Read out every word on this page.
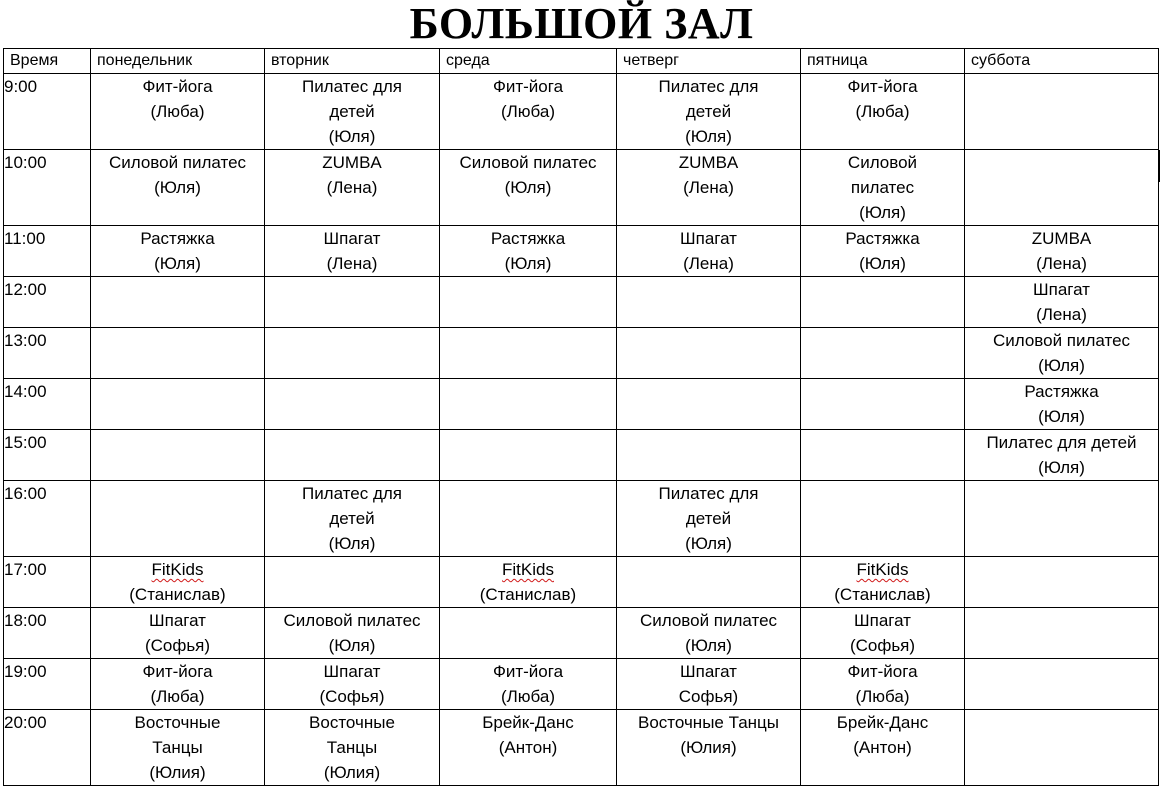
БОЛЬШОЙ ЗАЛ
Время	понедельник	вторник	среда	четверг	пятница	суббота
9:00	Фит-йога
(Люба)	Пилатес для
детей
(Юля)	Фит-йога
(Люба)	Пилатес для
детей
(Юля)	Фит-йога
(Люба)	

10:00	Силовой пилатес
(Юля)	ZUMBA
(Лена)	Силовой пилатес
(Юля)	ZUMBA
(Лена)	Силовой
пилатес
(Юля)	

11:00	Растяжка
(Юля)	Шпагат
(Лена)	Растяжка
(Юля)	Шпагат
(Лена)	Растяжка
(Юля)	ZUMBA
(Лена)

12:00						Шпагат
(Лена)

13:00						Силовой пилатес
(Юля)

14:00						Растяжка
(Юля)

15:00						Пилатес для детей
(Юля)

16:00		Пилатес для
детей
(Юля)		Пилатес для
детей
(Юля)		

17:00	FitKids
(Станислав)		FitKids
(Станислав)		FitKids
(Станислав)	

18:00	Шпагат
(Софья)	Силовой пилатес
(Юля)		Силовой пилатес
(Юля)	Шпагат
(Софья)	

19:00	Фит-йога
(Люба)	Шпагат
(Софья)	Фит-йога
(Люба)	Шпагат
Софья)	Фит-йога
(Люба)	

20:00	Восточные
Танцы
(Юлия)	Восточные
Танцы
(Юлия)	Брейк-Данс
(Антон)	Восточные Танцы
(Юлия)	Брейк-Данс
(Антон)	
